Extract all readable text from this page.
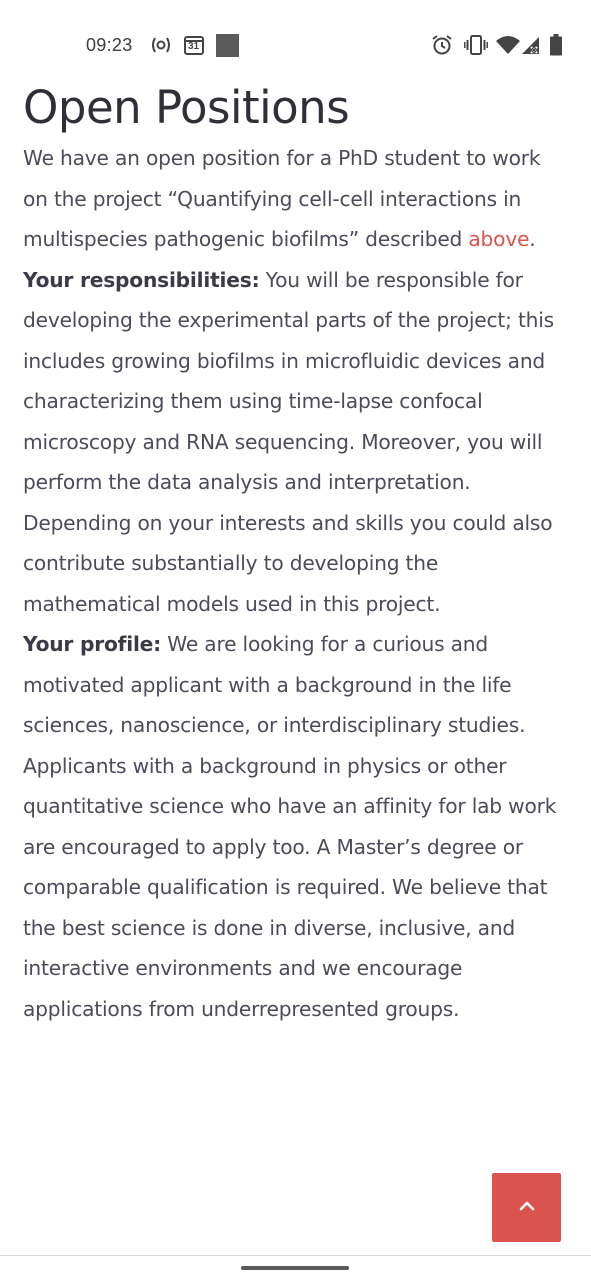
09:23	31
Open Positions

We have an open position for a PhD student to work on the project “Quantifying cell-cell interactions in multispecies pathogenic biofilms” described above.

Your responsibilities: You will be responsible for developing the experimental parts of the project; this includes growing biofilms in microfluidic devices and characterizing them using time-lapse confocal microscopy and RNA sequencing. Moreover, you will perform the data analysis and interpretation. Depending on your interests and skills you could also contribute substantially to developing the mathematical models used in this project.

Your profile: We are looking for a curious and motivated applicant with a background in the life sciences, nanoscience, or interdisciplinary studies. Applicants with a background in physics or other quantitative science who have an affinity for lab work are encouraged to apply too. A Master’s degree or comparable qualification is required. We believe that the best science is done in diverse, inclusive, and interactive environments and we encourage applications from underrepresented groups.
